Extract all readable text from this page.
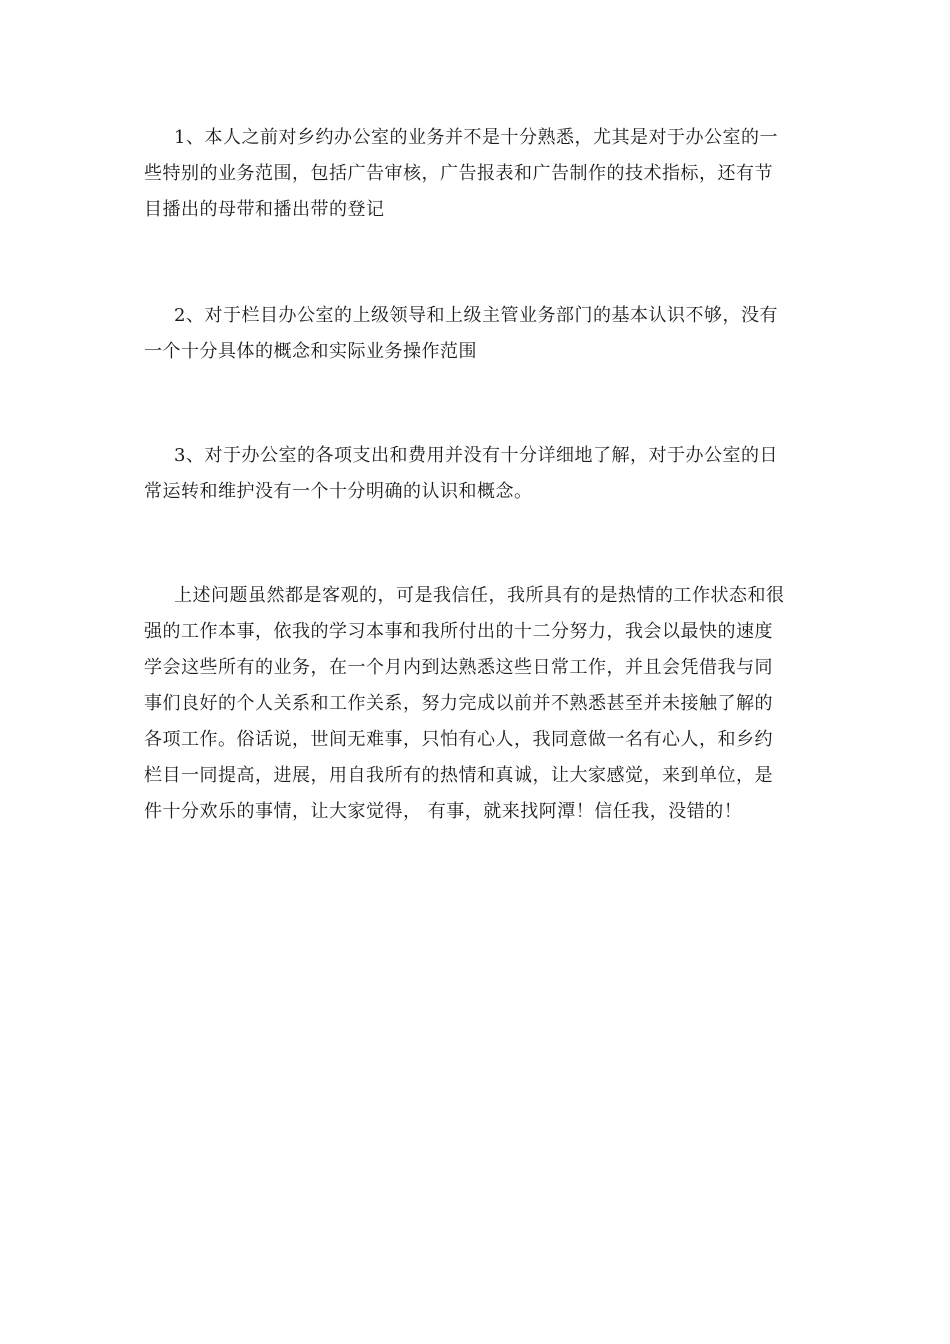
1、本人之前对乡约办公室的业务并不是十分熟悉，尤其是对于办公室的一
些特别的业务范围，包括广告审核，广告报表和广告制作的技术指标，还有节
目播出的母带和播出带的登记
2、对于栏目办公室的上级领导和上级主管业务部门的基本认识不够，没有
一个十分具体的概念和实际业务操作范围
3、对于办公室的各项支出和费用并没有十分详细地了解，对于办公室的日
常运转和维护没有一个十分明确的认识和概念。
上述问题虽然都是客观的，可是我信任，我所具有的是热情的工作状态和很
强的工作本事，依我的学习本事和我所付出的十二分努力，我会以最快的速度
学会这些所有的业务，在一个月内到达熟悉这些日常工作，并且会凭借我与同
事们良好的个人关系和工作关系，努力完成以前并不熟悉甚至并未接触了解的
各项工作。俗话说，世间无难事，只怕有心人，我同意做一名有心人，和乡约
栏目一同提高，进展，用自我所有的热情和真诚，让大家感觉，来到单位，是
件十分欢乐的事情，让大家觉得， 有事，就来找阿潭！信任我，没错的！
